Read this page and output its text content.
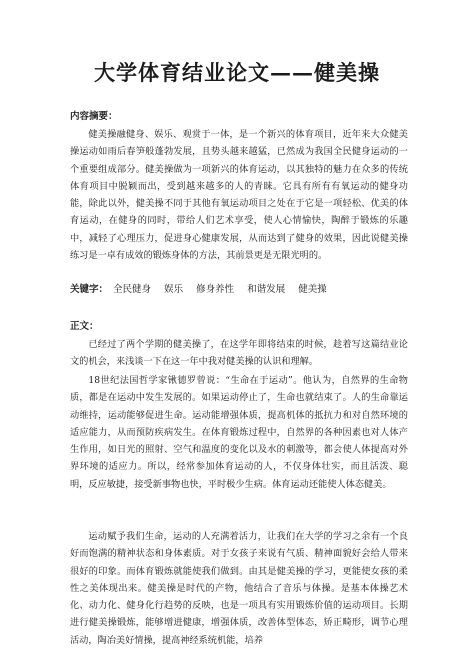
大学体育结业论文——健美操
内容摘要：

健美操融健身、娱乐、观赏于一体，是一个新兴的体育项目，近年来大众健美操运动如雨后春笋般蓬勃发展，且势头越来越猛，已然成为我国全民健身运动的一个重要组成部分。健美操做为一项新兴的体育运动，以其独特的魅力在众多的传统体育项目中脱颖而出，受到越来越多的人的青睐。它具有所有有氧运动的健身功能，除此以外，健美操不同于其他有氧运动项目之处在于它是一项轻松、优美的体育运动，在健身的同时，带给人们艺术享受，使人心情愉快，陶醉于锻炼的乐趣中，减轻了心理压力，促进身心健康发展，从而达到了健身的效果，因此说健美操练习是一卓有成效的锻炼身体的方法，其前景更是无限光明的。

关键字： 全民健身 娱乐 修身养性 和谐发展 健美操
正文：

已经过了两个学期的健美操了，在这学年即将结束的时候，趁着写这篇结业论文的机会，来浅谈一下在这一年中我对健美操的认识和理解。

18世纪法国哲学家锹德罗曾说：“生命在于运动”。他认为，自然界的生命物质，都是在运动中发生发展的。如果运动停止了，生命也就结束了。人的生命靠运动维持，运动能够促进生命。运动能增强体质，提高机体的抵抗力和对自然环境的适应能力，从而预防疾病发生。在体育锻炼过程中，自然界的各种因素也对人体产生作用，如日光的照射、空气和温度的变化以及水的刺激等，都会使人体提高对外界环境的适应力。所以，经常参加体育运动的人，不仅身体壮实，而且活泼、聪明，反应敏捷，接受新事物也快，平时极少生病。体育运动还能使人体态健美。

运动赋予我们生命，运动的人充满着活力，让我们在大学的学习之余有一个良好而饱满的精神状态和身体素质。对于女孩子来说有气质、精神面貌好会给人带来很好的印象。而体育锻炼就能使我们做到。由其是健美操的学习，更能使女孩的柔性之美体现出来。健美操是时代的产物，他结合了音乐与体操。是基本体操艺术化、动力化、健身化行趋势的反映，也是一项具有实用锻炼价值的运动项目。长期进行健美操锻炼，能够增进健康，增强体质，改善体型体态，矫正畸形，调节心理活动，陶冶美好情操，提高神经系统机能，培养
